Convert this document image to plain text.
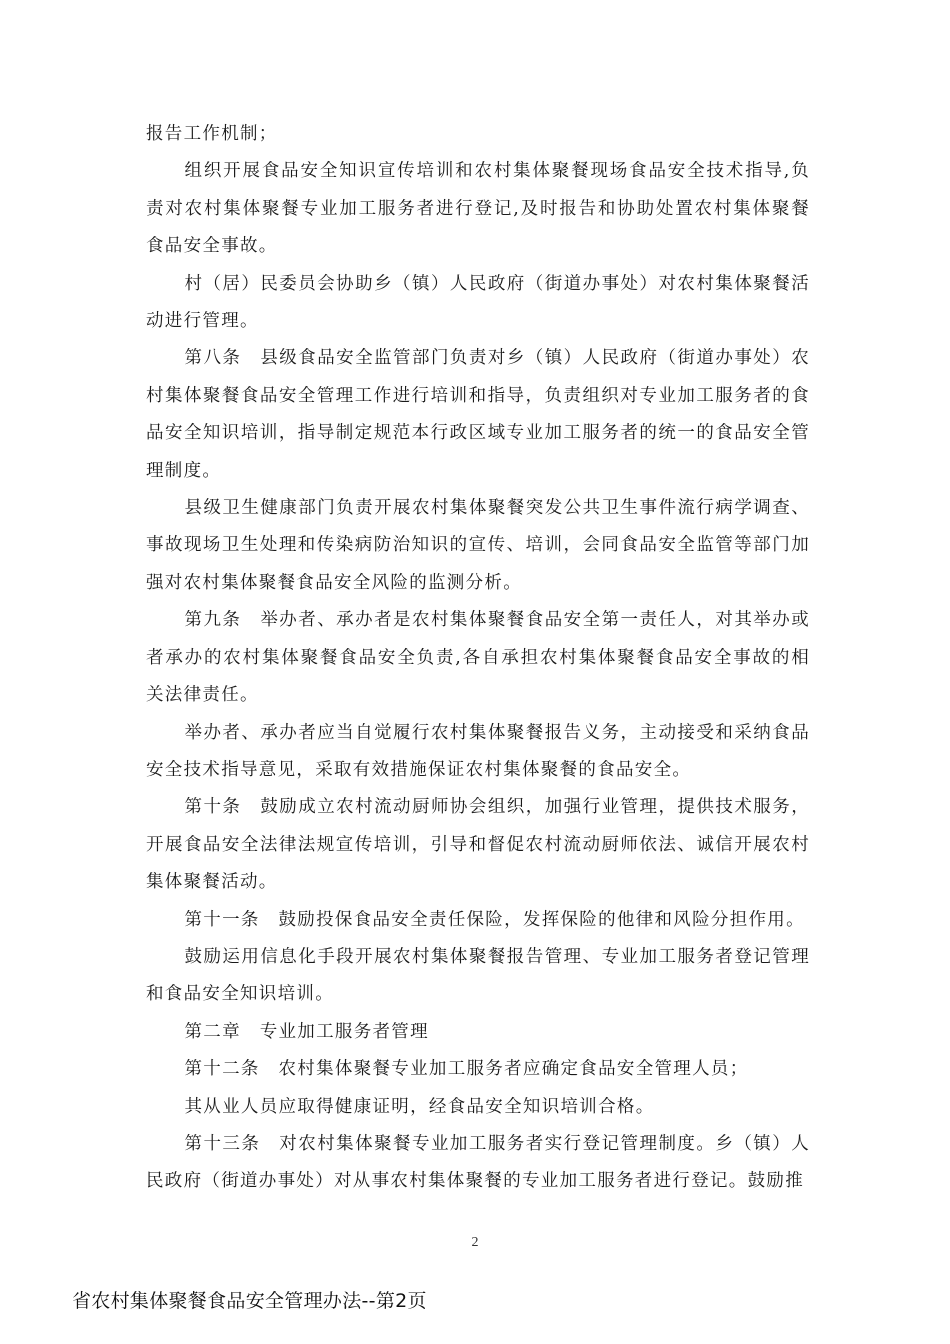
报告工作机制；

组织开展食品安全知识宣传培训和农村集体聚餐现场食品安全技术指导,负责对农村集体聚餐专业加工服务者进行登记,及时报告和协助处置农村集体聚餐食品安全事故。

村（居）民委员会协助乡（镇）人民政府（街道办事处）对农村集体聚餐活动进行管理。

第八条　县级食品安全监管部门负责对乡（镇）人民政府（街道办事处）农村集体聚餐食品安全管理工作进行培训和指导，负责组织对专业加工服务者的食品安全知识培训，指导制定规范本行政区域专业加工服务者的统一的食品安全管理制度。

县级卫生健康部门负责开展农村集体聚餐突发公共卫生事件流行病学调查、事故现场卫生处理和传染病防治知识的宣传、培训，会同食品安全监管等部门加强对农村集体聚餐食品安全风险的监测分析。

第九条　举办者、承办者是农村集体聚餐食品安全第一责任人，对其举办或者承办的农村集体聚餐食品安全负责,各自承担农村集体聚餐食品安全事故的相关法律责任。

举办者、承办者应当自觉履行农村集体聚餐报告义务，主动接受和采纳食品安全技术指导意见，采取有效措施保证农村集体聚餐的食品安全。

第十条　鼓励成立农村流动厨师协会组织，加强行业管理，提供技术服务，开展食品安全法律法规宣传培训，引导和督促农村流动厨师依法、诚信开展农村集体聚餐活动。

第十一条　鼓励投保食品安全责任保险，发挥保险的他律和风险分担作用。

鼓励运用信息化手段开展农村集体聚餐报告管理、专业加工服务者登记管理和食品安全知识培训。

第二章　专业加工服务者管理

第十二条　农村集体聚餐专业加工服务者应确定食品安全管理人员；

其从业人员应取得健康证明，经食品安全知识培训合格。

第十三条　对农村集体聚餐专业加工服务者实行登记管理制度。乡（镇）人民政府（街道办事处）对从事农村集体聚餐的专业加工服务者进行登记。鼓励推

2
省农村集体聚餐食品安全管理办法--第2页
